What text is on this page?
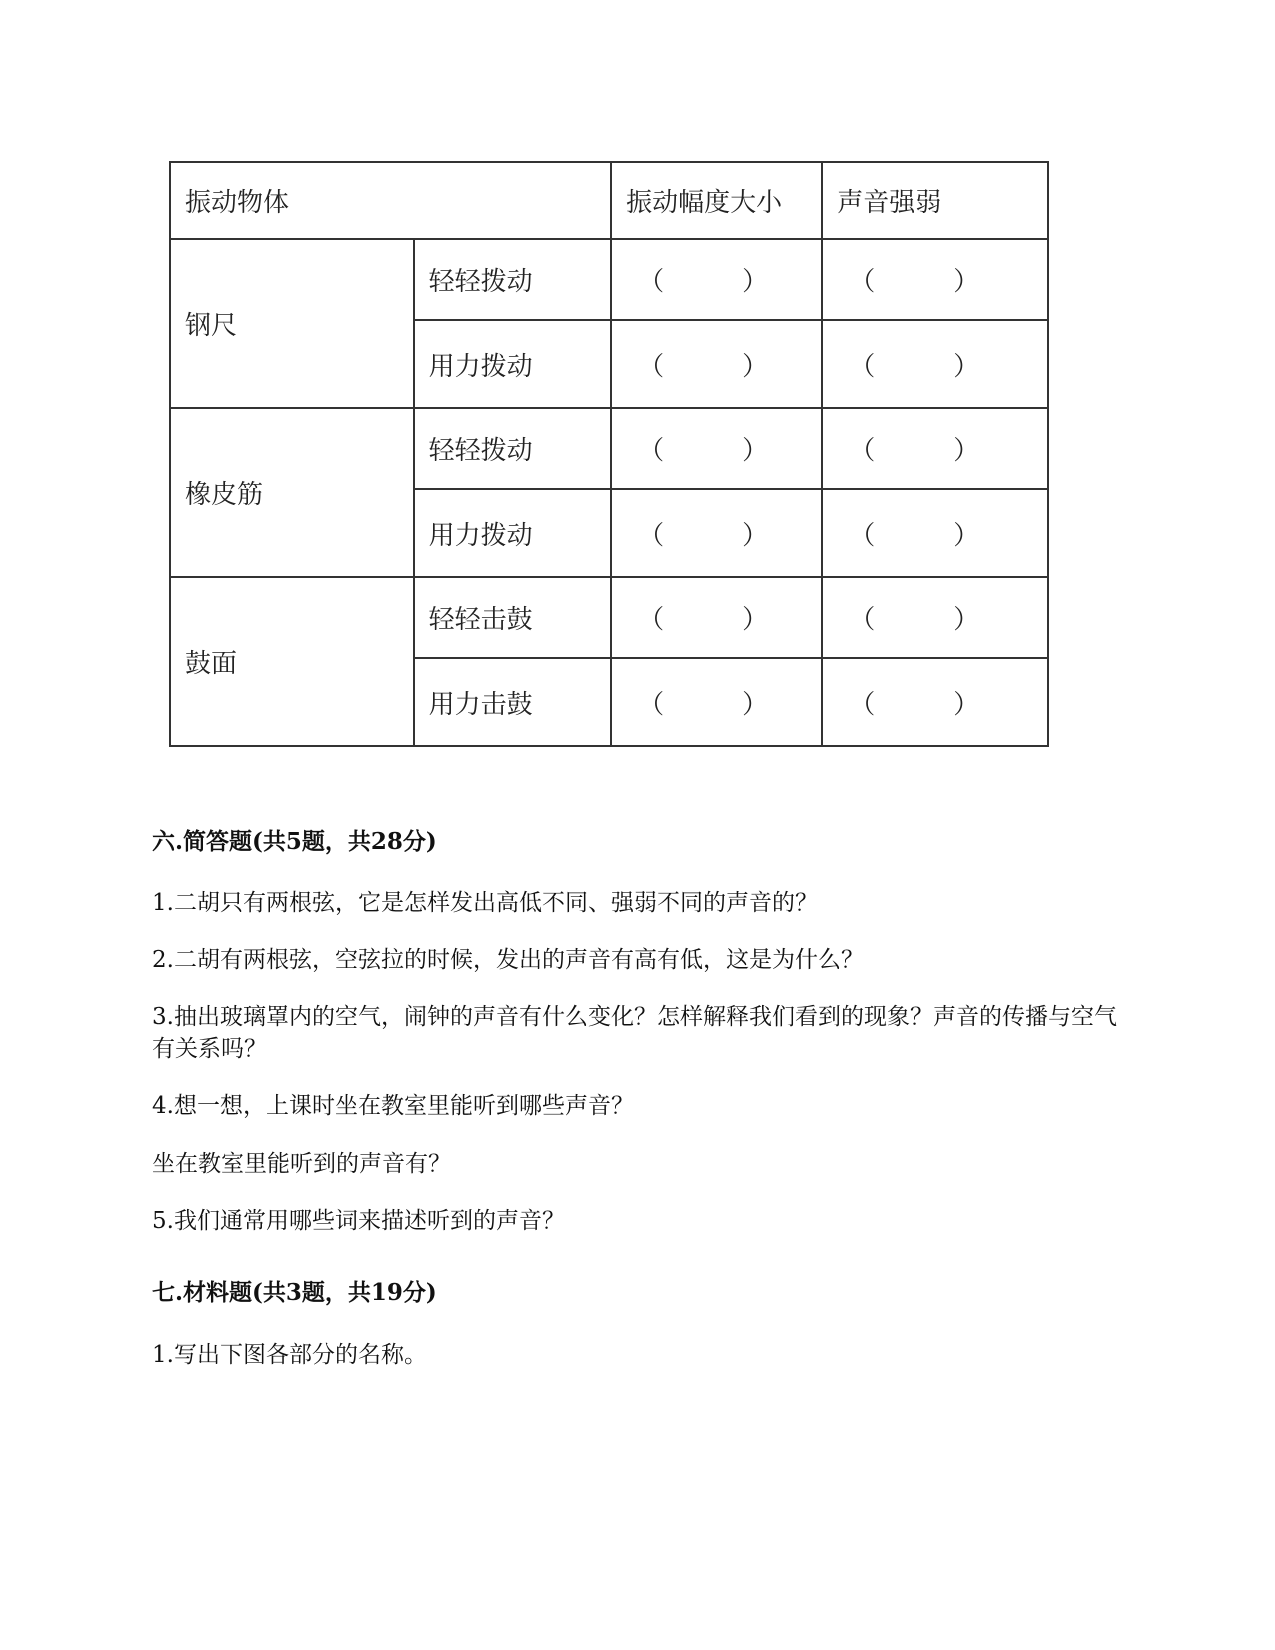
振动物体		振动幅度大小	声音强弱
钢尺	轻轻拨动	（ ）	（ ）

	用力拨动	（ ）	（ ）

橡皮筋	轻轻拨动	（ ）	（ ）

	用力拨动	（ ）	（ ）

鼓面	轻轻击鼓	（ ）	（ ）

	用力击鼓	（ ）	（ ）
六.简答题(共5题，共28分)

1.二胡只有两根弦，它是怎样发出高低不同、强弱不同的声音的？

2.二胡有两根弦，空弦拉的时候，发出的声音有高有低，这是为什么？

3.抽出玻璃罩内的空气，闹钟的声音有什么变化？怎样解释我们看到的现象？声音的传播与空气有关系吗？

4.想一想，上课时坐在教室里能听到哪些声音？

坐在教室里能听到的声音有？

5.我们通常用哪些词来描述听到的声音？

七.材料题(共3题，共19分)

1.写出下图各部分的名称。
